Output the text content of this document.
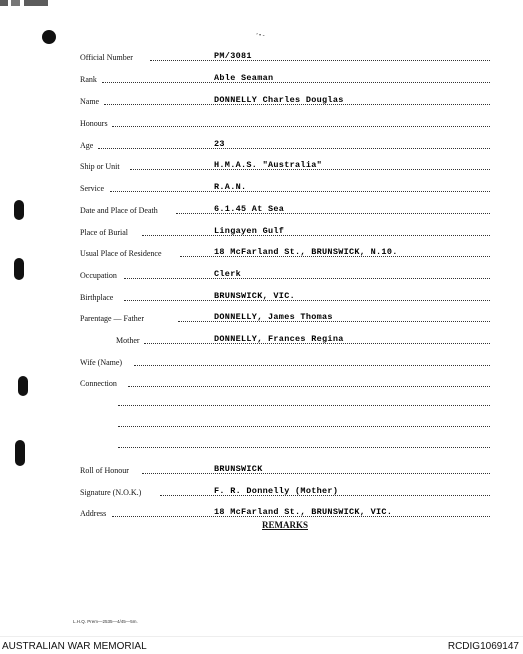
’ • -
Official Number	PM/3081
Rank	Able Seaman
Name	DONNELLY Charles Douglas
Honours
Age	23
Ship or Unit	H.M.A.S. "Australia"
Service	R.A.N.
Date and Place of Death	6.1.45 At Sea
Place of Burial	Lingayen Gulf
Usual Place of Residence	18 McFarland St., BRUNSWICK, N.10.
Occupation	Clerk
Birthplace	BRUNSWICK, VIC.
Parentage — Father	DONNELLY, James Thomas
Mother	DONNELLY, Frances Regina
Wife (Name)
Connection
Roll of Honour	BRUNSWICK
Signature (N.O.K.)	F. R. Donnelly (Mother)
Address	18 McFarland St., BRUNSWICK, VIC.
REMARKS
L.H.Q. Prem—2535—4/45—5m.
AUSTRALIAN WAR MEMORIAL	RCDIG1069147
